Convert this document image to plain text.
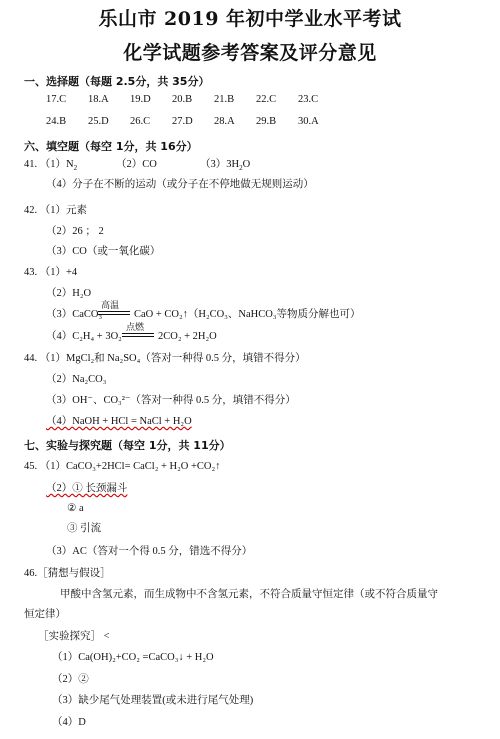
乐山市 2019 年初中学业水平考试
化学试题参考答案及评分意见
一、选择题（每题 2.5分，共 35分）
17.C 18.A 19.D 20.B 21.B 22.C 23.C
24.B 25.D 26.C 27.D 28.A 29.B 30.A
六、填空题（每空 1分，共 16分）
41. $(1)N_2$	（2）CO	$(3)3H_2O$
（4）分子在不断的运动（或分子在不停地做无规则运动）
42. （1）元素
（2）26 ； 2
（3）CO（或一氧化碳）
43. （1）+4
（2）H₂O
（3）CaCO₃
高温
CaO + CO₂↑（H₂CO₃、NaHCO₃等物质分解也可）
（4）C₂H₄ + 3O₂
点燃
2CO₂ + 2H₂O
44. （1）MgCl₂和 Na₂SO₄（答对一种得 0.5 分，填错不得分）
（2）Na₂CO₃
（3）OH⁻、CO₃²⁻（答对一种得 0.5 分，填错不得分）
（4）NaOH + HCl = NaCl + H₂O
七、实验与探究题（每空 1分，共 11分）
45. （1）CaCO₃+2HCl= CaCl₂ + H₂O +CO₂↑
（2）① 长颈漏斗
② a
③ 引流
（3）AC（答对一个得 0.5 分，错选不得分）
46.［猜想与假设］
甲酸中含氢元素，而生成物中不含氢元素，不符合质量守恒定律（或不符合质量守
恒定律）
［实验探究］ <
（1）Ca(OH)₂+CO₂ =CaCO₃↓ + H₂O
（2）②
（3）缺少尾气处理装置(或未进行尾气处理)
（4）D
